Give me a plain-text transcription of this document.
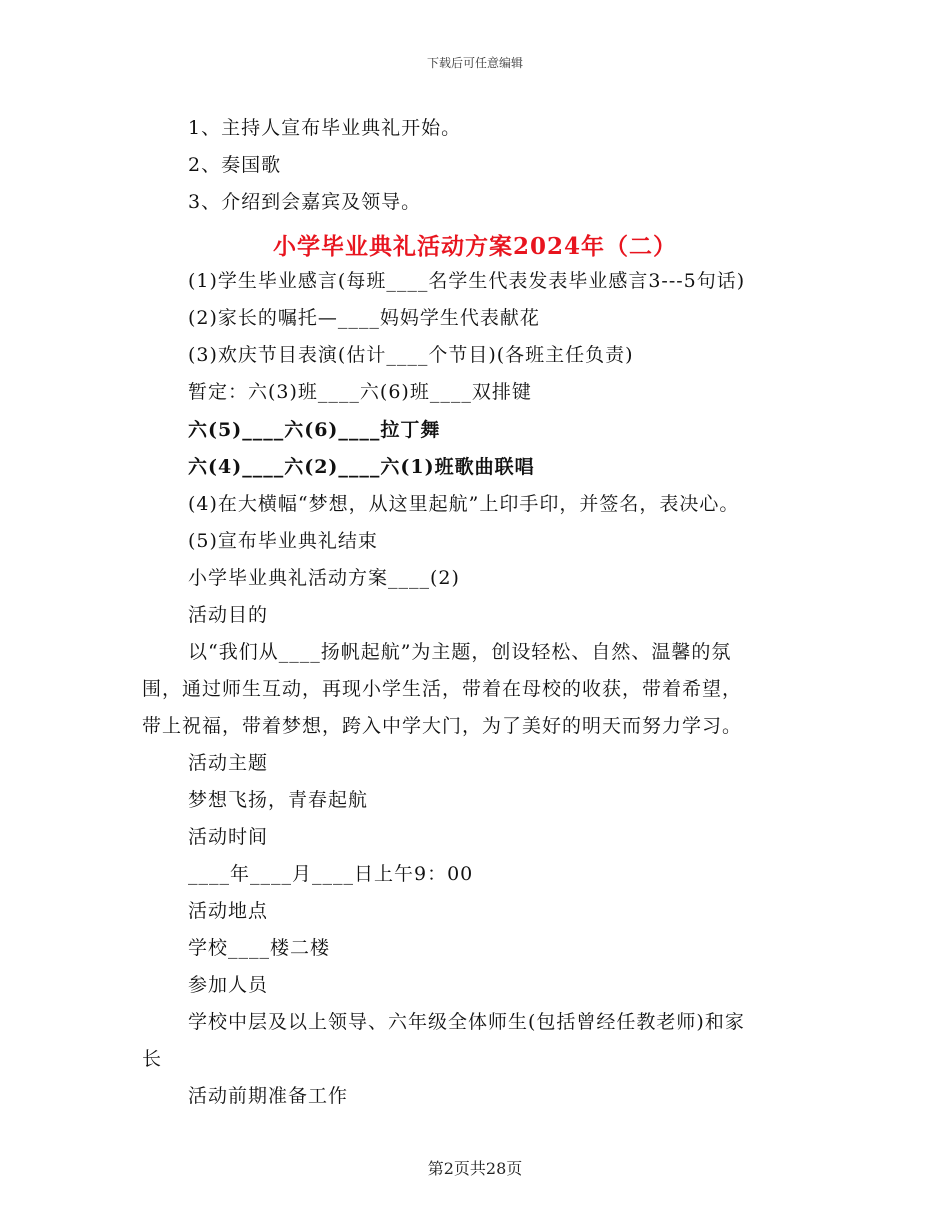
下载后可任意编辑
1、主持人宣布毕业典礼开始。
2、奏国歌
3、介绍到会嘉宾及领导。
小学毕业典礼活动方案2024年（二）
(1)学生毕业感言(每班____名学生代表发表毕业感言3---5句话)
(2)家长的嘱托—____妈妈学生代表献花
(3)欢庆节目表演(估计____个节目)(各班主任负责)
暂定：六(3)班____六(6)班____双排键
六(5)____六(6)____拉丁舞
六(4)____六(2)____六(1)班歌曲联唱
(4)在大横幅“梦想，从这里起航”上印手印，并签名，表决心。
(5)宣布毕业典礼结束
小学毕业典礼活动方案____(2)
活动目的
以“我们从____扬帆起航”为主题，创设轻松、自然、温馨的氛
围，通过师生互动，再现小学生活，带着在母校的收获，带着希望，
带上祝福，带着梦想，跨入中学大门，为了美好的明天而努力学习。
活动主题
梦想飞扬，青春起航
活动时间
____年____月____日上午9：00
活动地点
学校____楼二楼
参加人员
学校中层及以上领导、六年级全体师生(包括曾经任教老师)和家
长
活动前期准备工作
第2页共28页
